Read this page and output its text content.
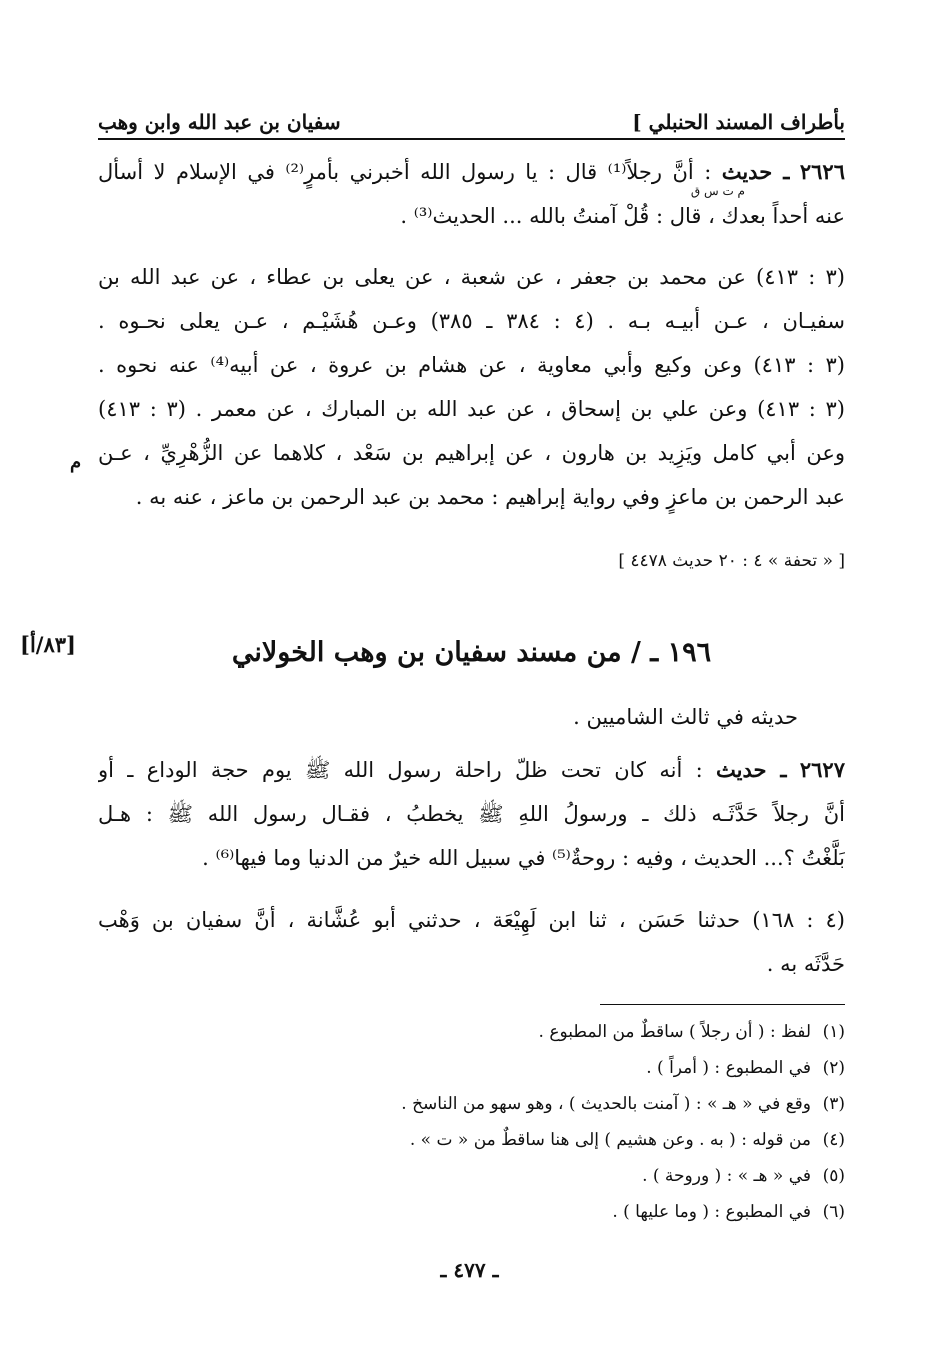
بأطراف المسند الحنبلي ]
سفيان بن عبد الله وابن وهب
٢٦٢٦ ـ حديث : أنَّ رجلاً⁽¹⁾ قال : يا رسول الله أخبرني بأمرٍ⁽²⁾ في الإسلام لا أسأل
م ت س ق
عنه أحداً بعدك ، قال : قُلْ آمنتُ بالله ... الحديث⁽³⁾ .
(٣ : ٤١٣) عن محمد بن جعفر ، عن شعبة ، عن يعلى بن عطاء ، عن عبد الله بن
سفيـان ، عـن أبيـه بـه . (٤ : ٣٨٤ ـ ٣٨٥) وعـن هُشَيْـم ، عـن يعلى نحـوه .
(٣ : ٤١٣) وعن وكيع وأبي معاوية ، عن هشام بن عروة ، عن أبيه⁽⁴⁾ عنه نحوه .
(٣ : ٤١٣) وعن علي بن إسحاق ، عن عبد الله بن المبارك ، عن معمر . (٣ : ٤١٣)
وعن أبي كامل ويَزِيد بن هارون ، عن إبراهيم بن سَعْد ، كلاهما عن الزُّهْرِيِّ ، عـن
عبد الرحمن بن ماعزٍ وفي رواية إبراهيم : محمد بن عبد الرحمن بن ماعز ، عنه به .
م
[ « تحفة » ٤ : ٢٠ حديث ٤٤٧٨ ]
١٩٦ ـ / من مسند سفيان بن وهب الخولاني
[٨٣/أ]
حديثه في ثالث الشاميين .
٢٦٢٧ ـ حديث : أنه كان تحت ظلّ راحلة رسول الله ﷺ يوم حجة الوداع ـ أو
أنَّ رجلاً حَدَّثَـه ذلك ـ ورسولُ اللهِ ﷺ يخطبُ ، فقـال رسول الله ﷺ : هـل
بَلَّغْتُ ؟... الحديث ، وفيه : روحةٌ⁽⁵⁾ في سبيل الله خيرٌ من الدنيا وما فيها⁽⁶⁾ .
(٤ : ١٦٨) حدثنا حَسَن ، ثنا ابن لَهِيْعَة ، حدثني أبو عُشَّانة ، أنَّ سفيان بن وَهْب
حَدَّثَه به .
(١)لفظ : ( أن رجلاً ) ساقطٌ من المطبوع .
(٢)في المطبوع : ( أمراً ) .
(٣)وقع في « هـ » : ( آمنت بالحديث ) ، وهو سهو من الناسخ .
(٤)من قوله : ( به . وعن هشيم ) إلى هنا ساقطٌ من « ت » .
(٥)في « هـ » : ( وروحة ) .
(٦)في المطبوع : ( وما عليها ) .
ـ ٤٧٧ ـ
